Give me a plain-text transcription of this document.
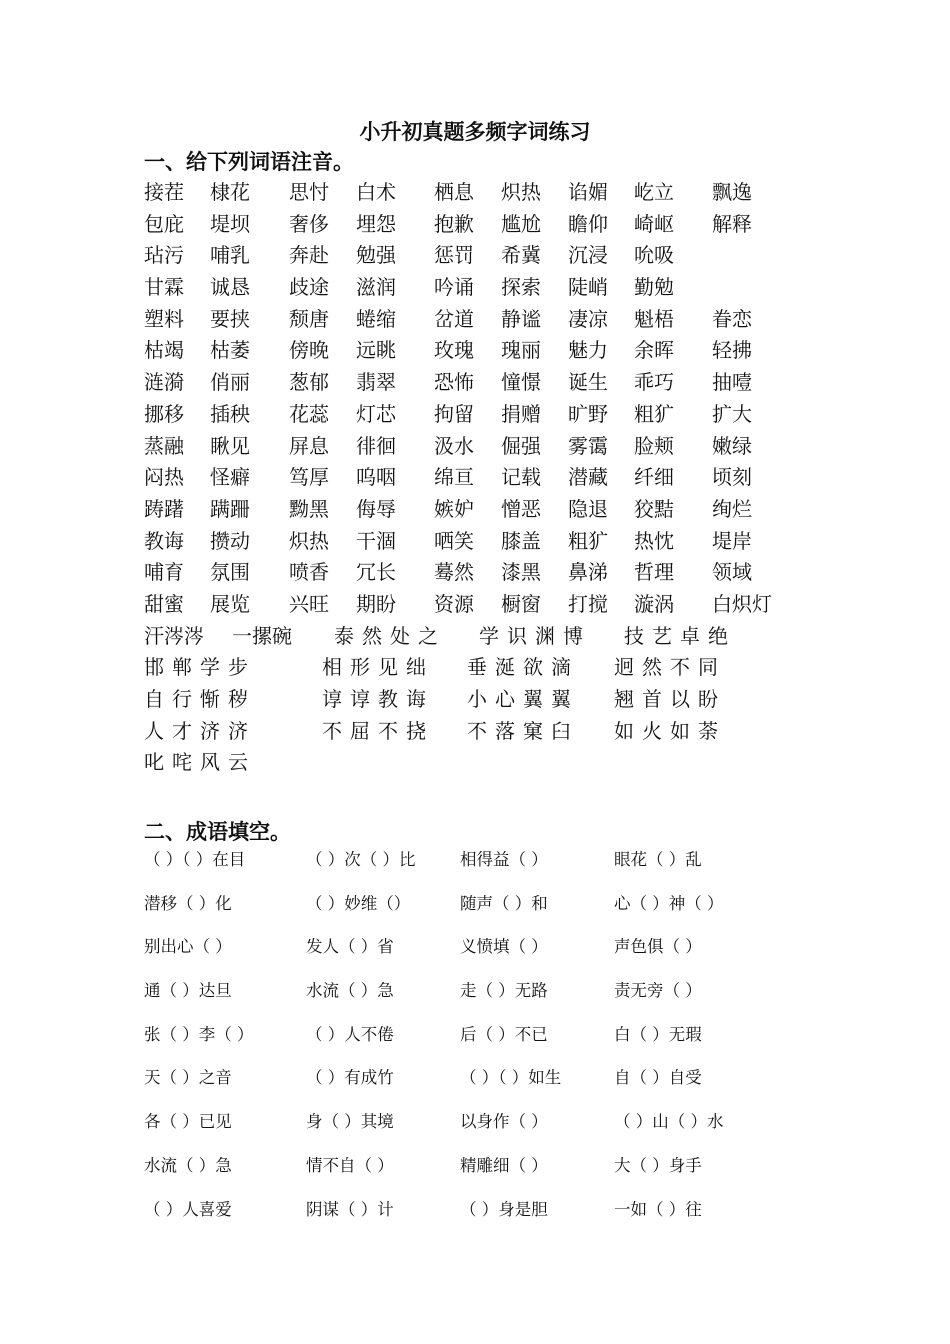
小升初真题多频字词练习
一、给下列词语注音。
接茬 棣花 思忖 白术 栖息 炽热 谄媚 屹立 飘逸
包庇 堤坝 奢侈 埋怨 抱歉 尴尬 瞻仰 崎岖 解释
玷污 哺乳 奔赴 勉强 惩罚 希冀 沉浸 吮吸
甘霖 诚恳 歧途 滋润 吟诵 探索 陡峭 勤勉
塑料 要挟 颓唐 蜷缩 岔道 静谧 凄凉 魁梧 眷恋
枯竭 枯萎 傍晚 远眺 玫瑰 瑰丽 魅力 余晖 轻拂
涟漪 俏丽 葱郁 翡翠 恐怖 憧憬 诞生 乖巧 抽噎
挪移 插秧 花蕊 灯芯 拘留 捐赠 旷野 粗犷 扩大
蒸融 瞅见 屏息 徘徊 汲水 倔强 雾霭 脸颊 嫩绿
闷热 怪癖 笃厚 呜咽 绵亘 记载 潜藏 纤细 顷刻
踌躇 蹒跚 黝黑 侮辱 嫉妒 憎恶 隐退 狡黠 绚烂
教诲 攒动 炽热 干涸 哂笑 膝盖 粗犷 热忱 堤岸
哺育 氛围 喷香 冗长 蓦然 漆黑 鼻涕 哲理 领域
甜蜜 展览 兴旺 期盼 资源 橱窗 打搅 漩涡 白炽灯
汗涔涔 一摞碗 泰然处之 学识渊博 技艺卓绝
邯郸学步	相形见绌 垂涎欲滴 迥然不同
自行惭秽	谆谆教诲 小心翼翼 翘首以盼
人才济济	不屈不挠 不落窠臼 如火如荼
叱咤风云
二、成语填空。
（ ）（ ）在目	（ ）次（ ）比	相得益（ ）	眼花（ ）乱
潜移（ ）化	（ ）妙维（）	随声（ ）和	心（ ）神（ ）
别出心（ ）	发人（ ）省	义愤填（ ）	声色俱（ ）
通（ ）达旦	水流（ ）急	走（ ）无路	责无旁（ ）
张（ ）李（ ）	（ ）人不倦	后（ ）不已	白（ ）无瑕
天（ ）之音	（ ）有成竹	（ ）（ ）如生	自（ ）自受
各（ ）已见	身（ ）其境	以身作（ ）	（ ）山（ ）水
水流（ ）急	情不自（ ）	精雕细（ ）	大（ ）身手
（ ）人喜爱	阴谋（ ）计	（ ）身是胆	一如（ ）往
